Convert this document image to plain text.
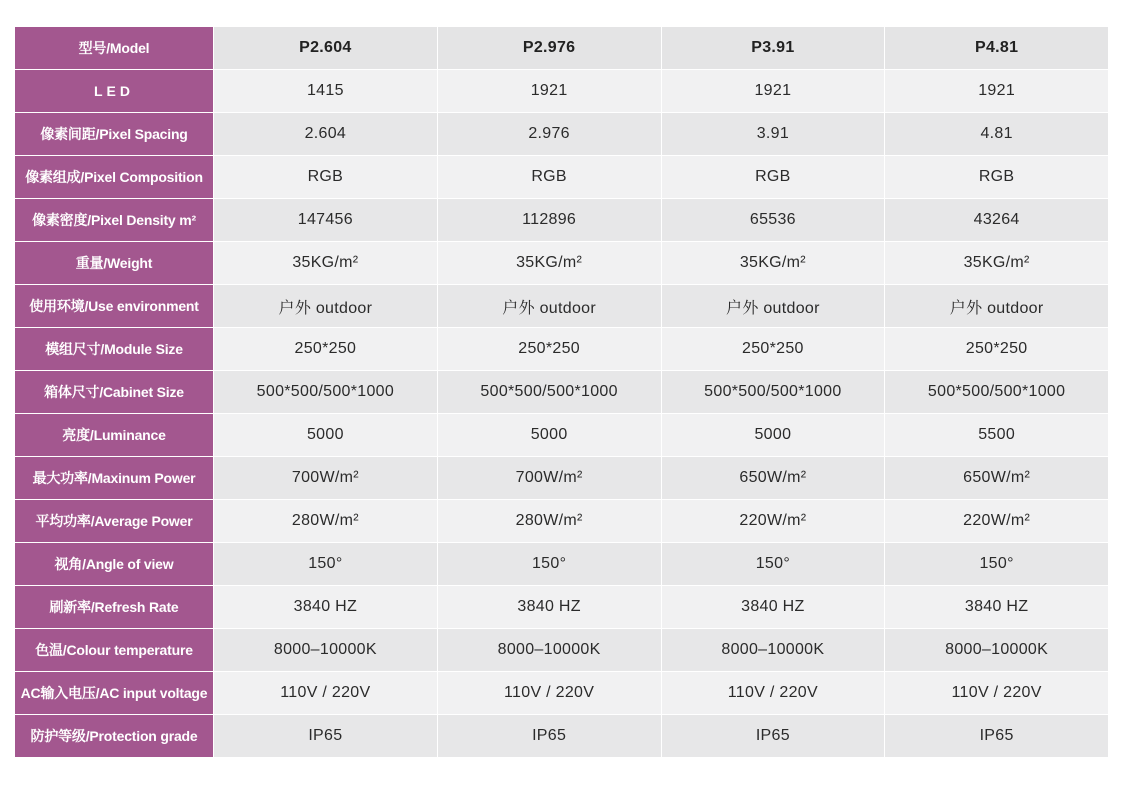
型号/Model	P2.604	P2.976	P3.91	P4.81
LED	1415	1921	1921	1921
像素间距/Pixel Spacing	2.604	2.976	3.91	4.81
像素组成/Pixel Composition	RGB	RGB	RGB	RGB
像素密度/Pixel Density m²	147456	112896	65536	43264
重量/Weight	35KG/m²	35KG/m²	35KG/m²	35KG/m²
使用环境/Use environment	户外 outdoor	户外 outdoor	户外 outdoor	户外 outdoor
模组尺寸/Module Size	250*250	250*250	250*250	250*250
箱体尺寸/Cabinet Size	500*500/500*1000	500*500/500*1000	500*500/500*1000	500*500/500*1000
亮度/Luminance	5000	5000	5000	5500
最大功率/Maxinum Power	700W/m²	700W/m²	650W/m²	650W/m²
平均功率/Average Power	280W/m²	280W/m²	220W/m²	220W/m²
视角/Angle of view	150°	150°	150°	150°
刷新率/Refresh Rate	3840 HZ	3840 HZ	3840 HZ	3840 HZ
色温/Colour temperature	8000–10000K	8000–10000K	8000–10000K	8000–10000K
AC输入电压/AC input voltage	110V / 220V	110V / 220V	110V / 220V	110V / 220V
防护等级/Protection grade	IP65	IP65	IP65	IP65
